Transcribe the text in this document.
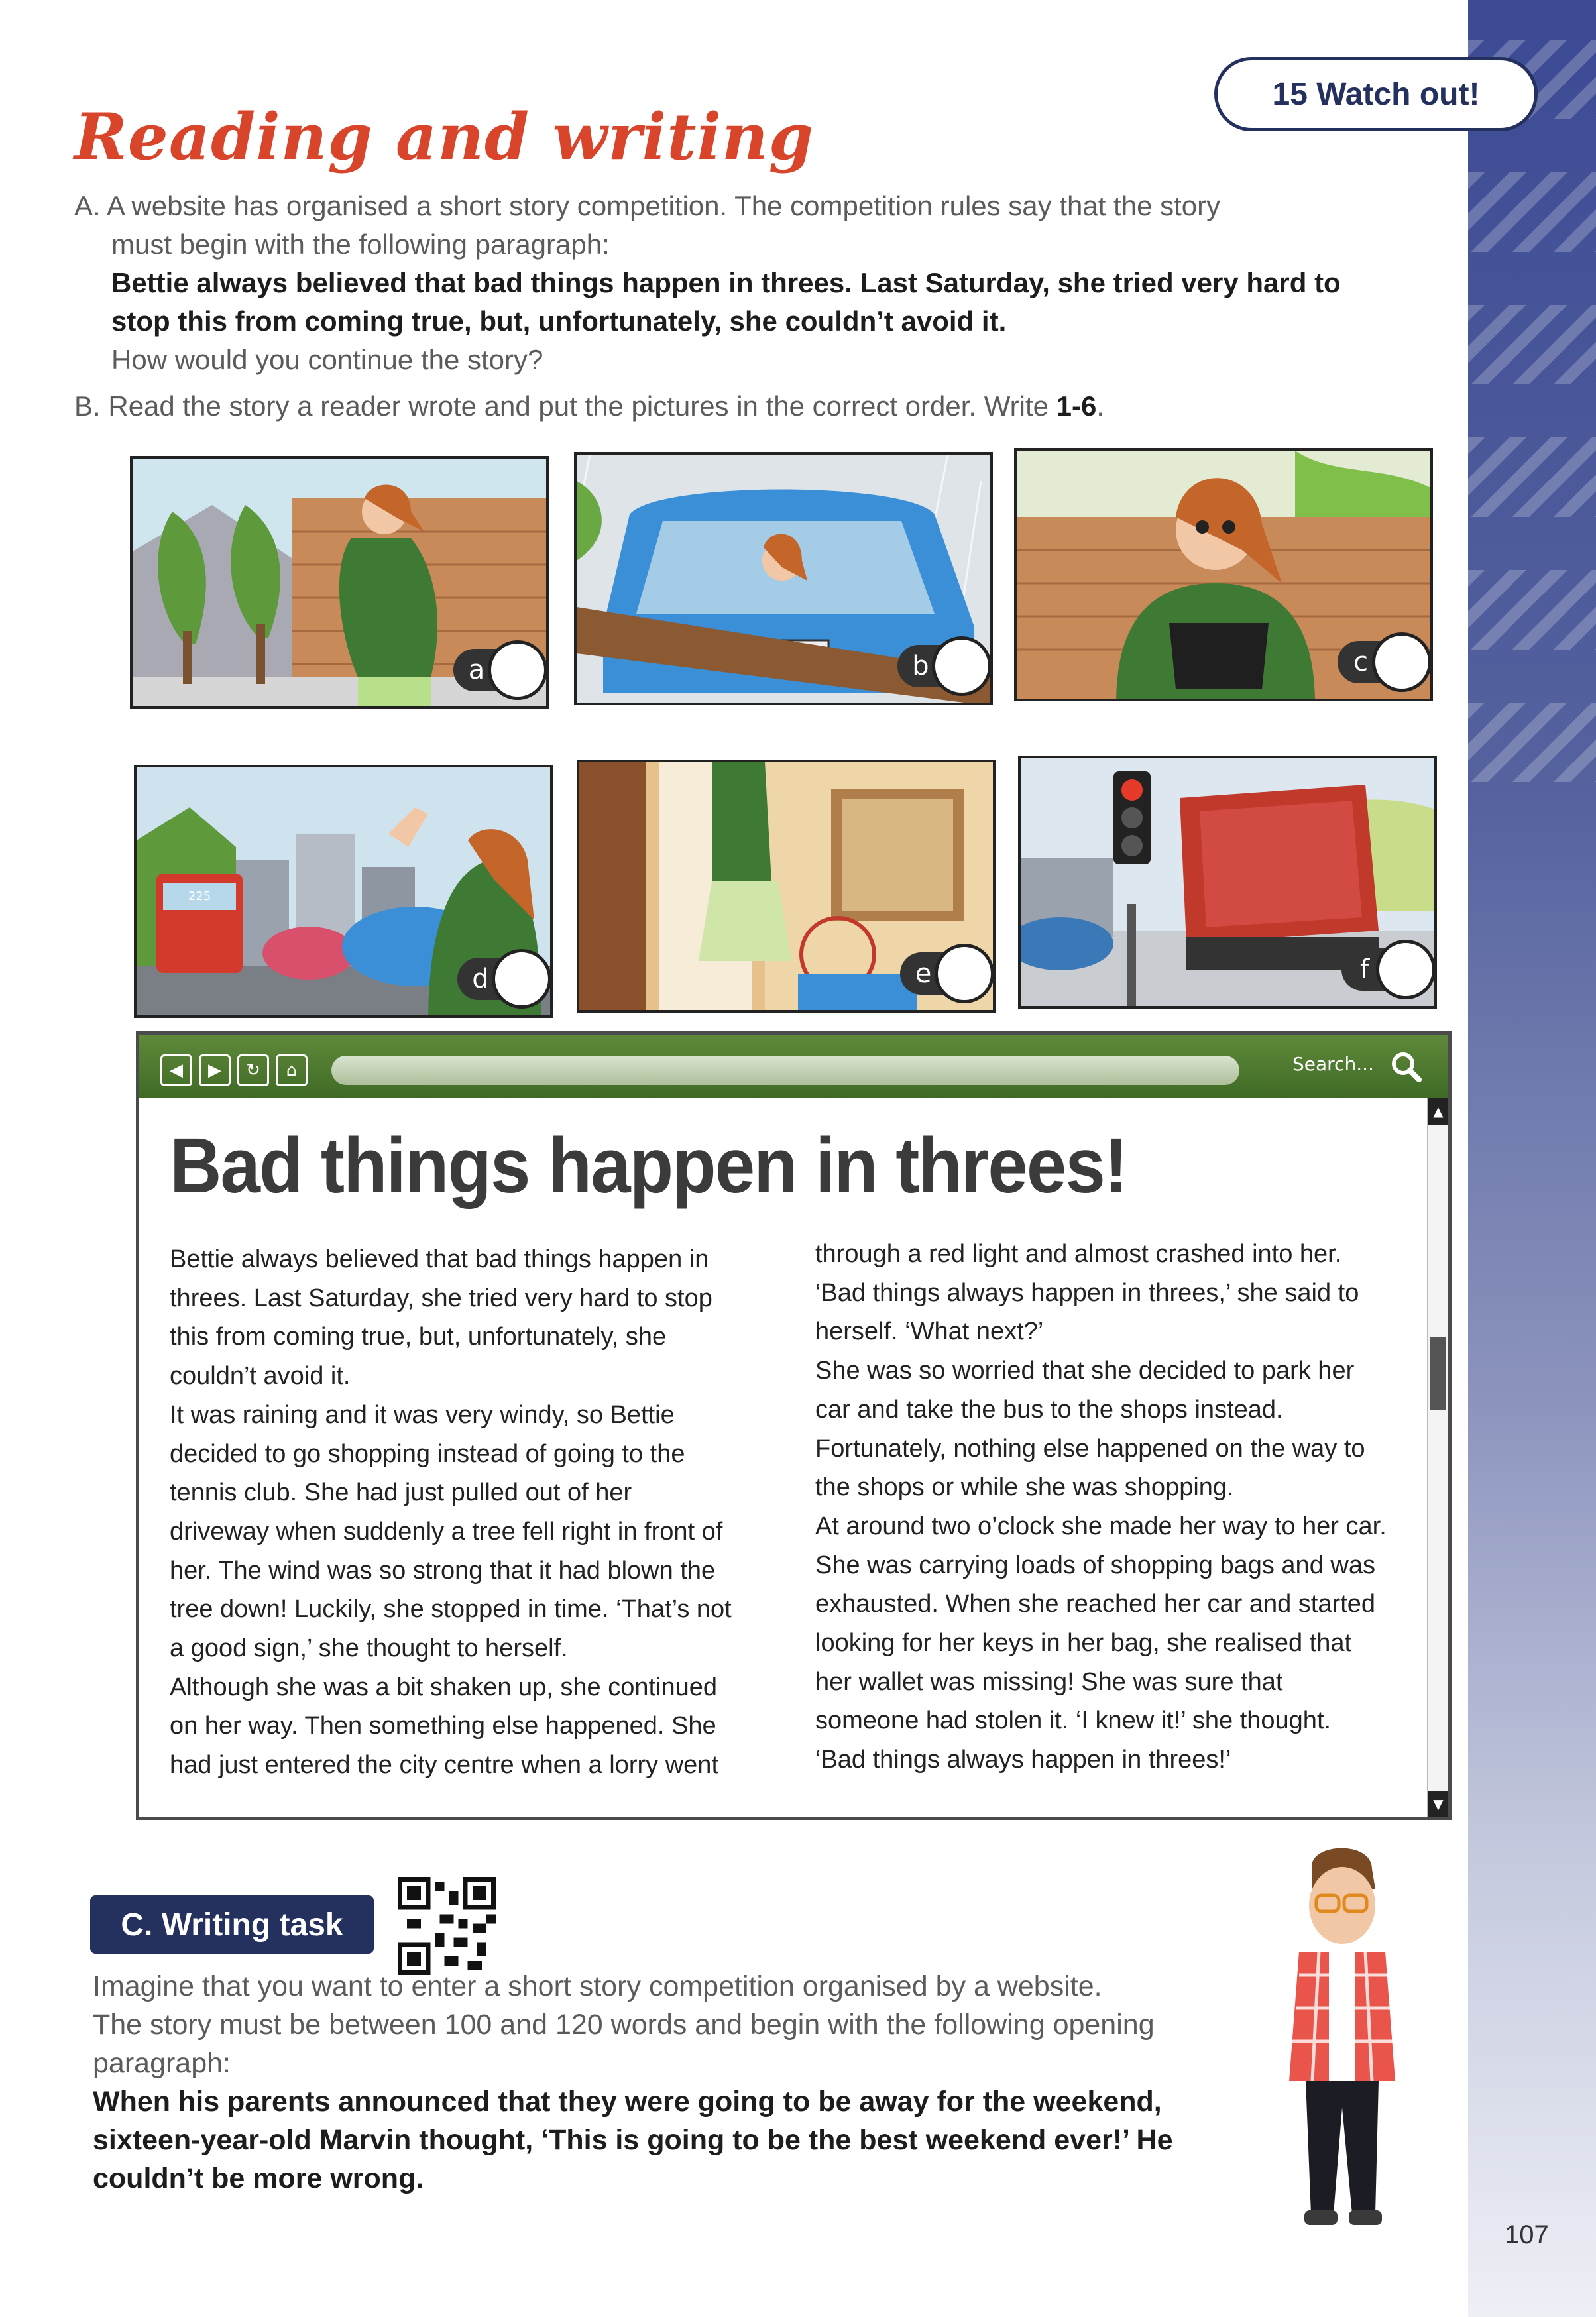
15 Watch out!
Reading and writing
A. A website has organised a short story competition. The competition rules say that the story
must begin with the following paragraph:
Bettie always believed that bad things happen in threes. Last Saturday, she tried very hard to
stop this from coming true, but, unfortunately, she couldn’t avoid it.
How would you continue the story?
B. Read the story a reader wrote and put the pictures in the correct order. Write 1-6.
a	b	c
225
d	e	f
◀	▶	↻	⌂	Search...
Bad things happen in threes!

Bettie always believed that bad things happen in

threes. Last Saturday, she tried very hard to stop

this from coming true, but, unfortunately, she

couldn’t avoid it.

It was raining and it was very windy, so Bettie

decided to go shopping instead of going to the

tennis club. She had just pulled out of her

driveway when suddenly a tree fell right in front of

her. The wind was so strong that it had blown the

tree down! Luckily, she stopped in time. ‘That’s not

a good sign,’ she thought to herself.

Although she was a bit shaken up, she continued

on her way. Then something else happened. She

had just entered the city centre when a lorry went

through a red light and almost crashed into her.

‘Bad things always happen in threes,’ she said to

herself. ‘What next?’

She was so worried that she decided to park her

car and take the bus to the shops instead.

Fortunately, nothing else happened on the way to

the shops or while she was shopping.

At around two o’clock she made her way to her car.

She was carrying loads of shopping bags and was

exhausted. When she reached her car and started

looking for her keys in her bag, she realised that

her wallet was missing! She was sure that

someone had stolen it. ‘I knew it!’ she thought.

‘Bad things always happen in threes!’

▲
▼
C. Writing task
Imagine that you want to enter a short story competition organised by a website.
The story must be between 100 and 120 words and begin with the following opening
paragraph:
When his parents announced that they were going to be away for the weekend,
sixteen-year-old Marvin thought, ‘This is going to be the best weekend ever!’ He
couldn’t be more wrong.
107
